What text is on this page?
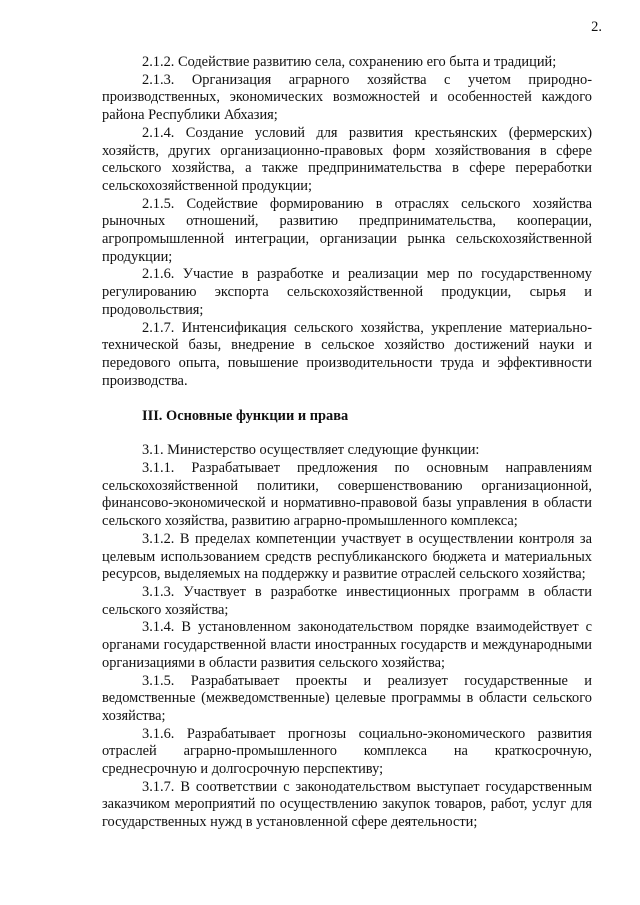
2.

2.1.2. Содействие развитию села, сохранению его быта и традиций;

2.1.3. Организация аграрного хозяйства с учетом природно-производственных, экономических возможностей и особенностей каждого района Республики Абхазия;

2.1.4. Создание условий для развития крестьянских (фермерских) хозяйств, других организационно-правовых форм хозяйствования в сфере сельского хозяйства, а также предпринимательства в сфере переработки сельскохозяйственной продукции;

2.1.5. Содействие формированию в отраслях сельского хозяйства рыночных отношений, развитию предпринимательства, кооперации, агропромышленной интеграции, организации рынка сельскохозяйственной продукции;

2.1.6. Участие в разработке и реализации мер по государственному регулированию экспорта сельскохозяйственной продукции, сырья и продовольствия;

2.1.7. Интенсификация сельского хозяйства, укрепление материально-технической базы, внедрение в сельское хозяйство достижений науки и передового опыта, повышение производительности труда и эффективности производства.

III. Основные функции и права

3.1. Министерство осуществляет следующие функции:

3.1.1. Разрабатывает предложения по основным направлениям сельскохозяйственной политики, совершенствованию организационной, финансово-экономической и нормативно-правовой базы управления в области сельского хозяйства, развитию аграрно-промышленного комплекса;

3.1.2. В пределах компетенции участвует в осуществлении контроля за целевым использованием средств республиканского бюджета и материальных ресурсов, выделяемых на поддержку и развитие отраслей сельского хозяйства;

3.1.3. Участвует в разработке инвестиционных программ в области сельского хозяйства;

3.1.4. В установленном законодательством порядке взаимодействует с органами государственной власти иностранных государств и международными организациями в области развития сельского хозяйства;

3.1.5. Разрабатывает проекты и реализует государственные и ведомственные (межведомственные) целевые программы в области сельского хозяйства;

3.1.6. Разрабатывает прогнозы социально-экономического развития отраслей аграрно-промышленного комплекса на краткосрочную, среднесрочную и долгосрочную перспективу;

3.1.7. В соответствии с законодательством выступает государственным заказчиком мероприятий по осуществлению закупок товаров, работ, услуг для государственных нужд в установленной сфере деятельности;
